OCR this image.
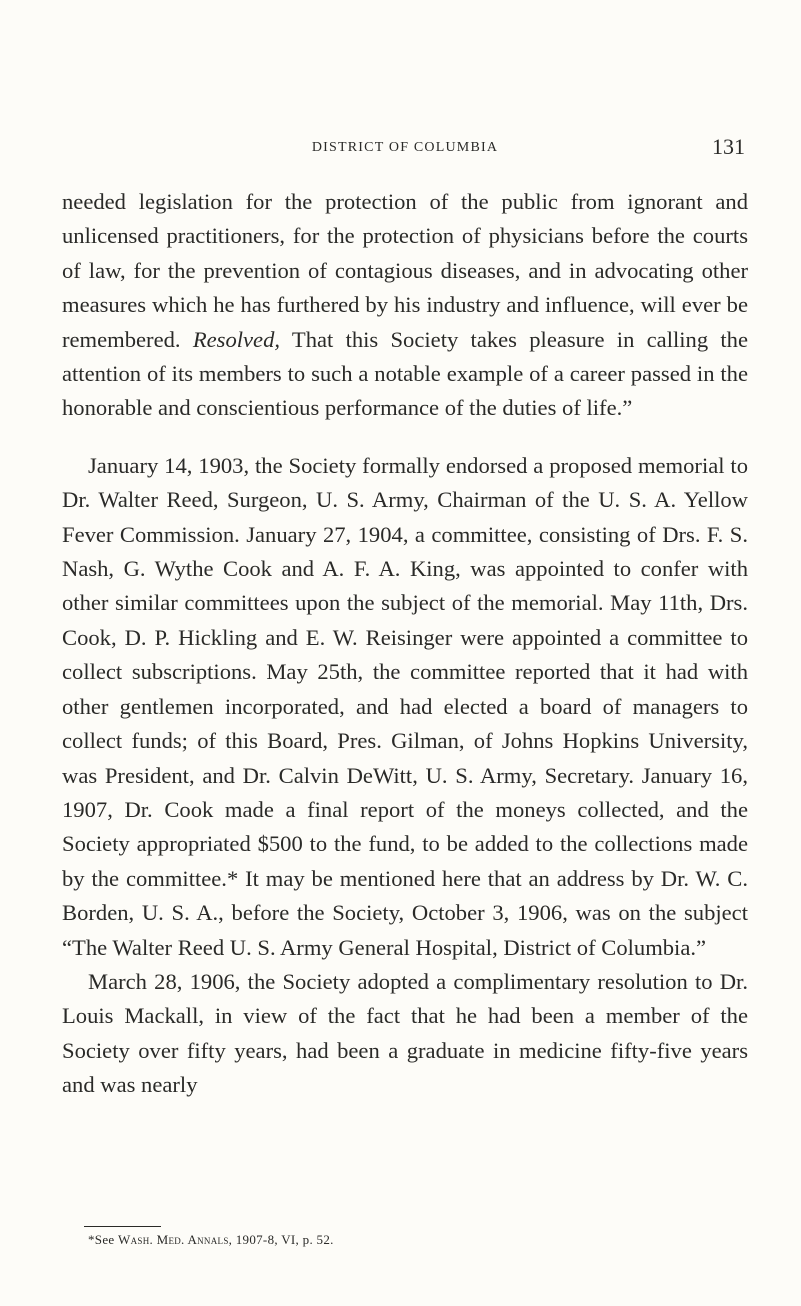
DISTRICT OF COLUMBIA	131

needed legislation for the protection of the public from ignorant and unlicensed practitioners, for the protection of physicians before the courts of law, for the prevention of contagious diseases, and in advocating other measures which he has furthered by his industry and influence, will ever be remembered. Resolved, That this Society takes pleasure in calling the attention of its members to such a notable example of a career passed in the honorable and conscientious performance of the duties of life.”

January 14, 1903, the Society formally endorsed a proposed memorial to Dr. Walter Reed, Surgeon, U. S. Army, Chairman of the U. S. A. Yellow Fever Commission. January 27, 1904, a committee, consisting of Drs. F. S. Nash, G. Wythe Cook and A. F. A. King, was appointed to confer with other similar committees upon the subject of the memorial. May 11th, Drs. Cook, D. P. Hickling and E. W. Reisinger were appointed a committee to collect subscriptions. May 25th, the committee reported that it had with other gentlemen incorporated, and had elected a board of managers to collect funds; of this Board, Pres. Gilman, of Johns Hopkins University, was President, and Dr. Calvin DeWitt, U. S. Army, Secretary. January 16, 1907, Dr. Cook made a final report of the moneys collected, and the Society appropriated $500 to the fund, to be added to the collections made by the committee.* It may be mentioned here that an address by Dr. W. C. Borden, U. S. A., before the Society, October 3, 1906, was on the subject “The Walter Reed U. S. Army General Hospital, District of Columbia.”

March 28, 1906, the Society adopted a complimentary resolution to Dr. Louis Mackall, in view of the fact that he had been a member of the Society over fifty years, had been a graduate in medicine fifty-five years and was nearly

*See Wash. Med. Annals, 1907-8, VI, p. 52.
